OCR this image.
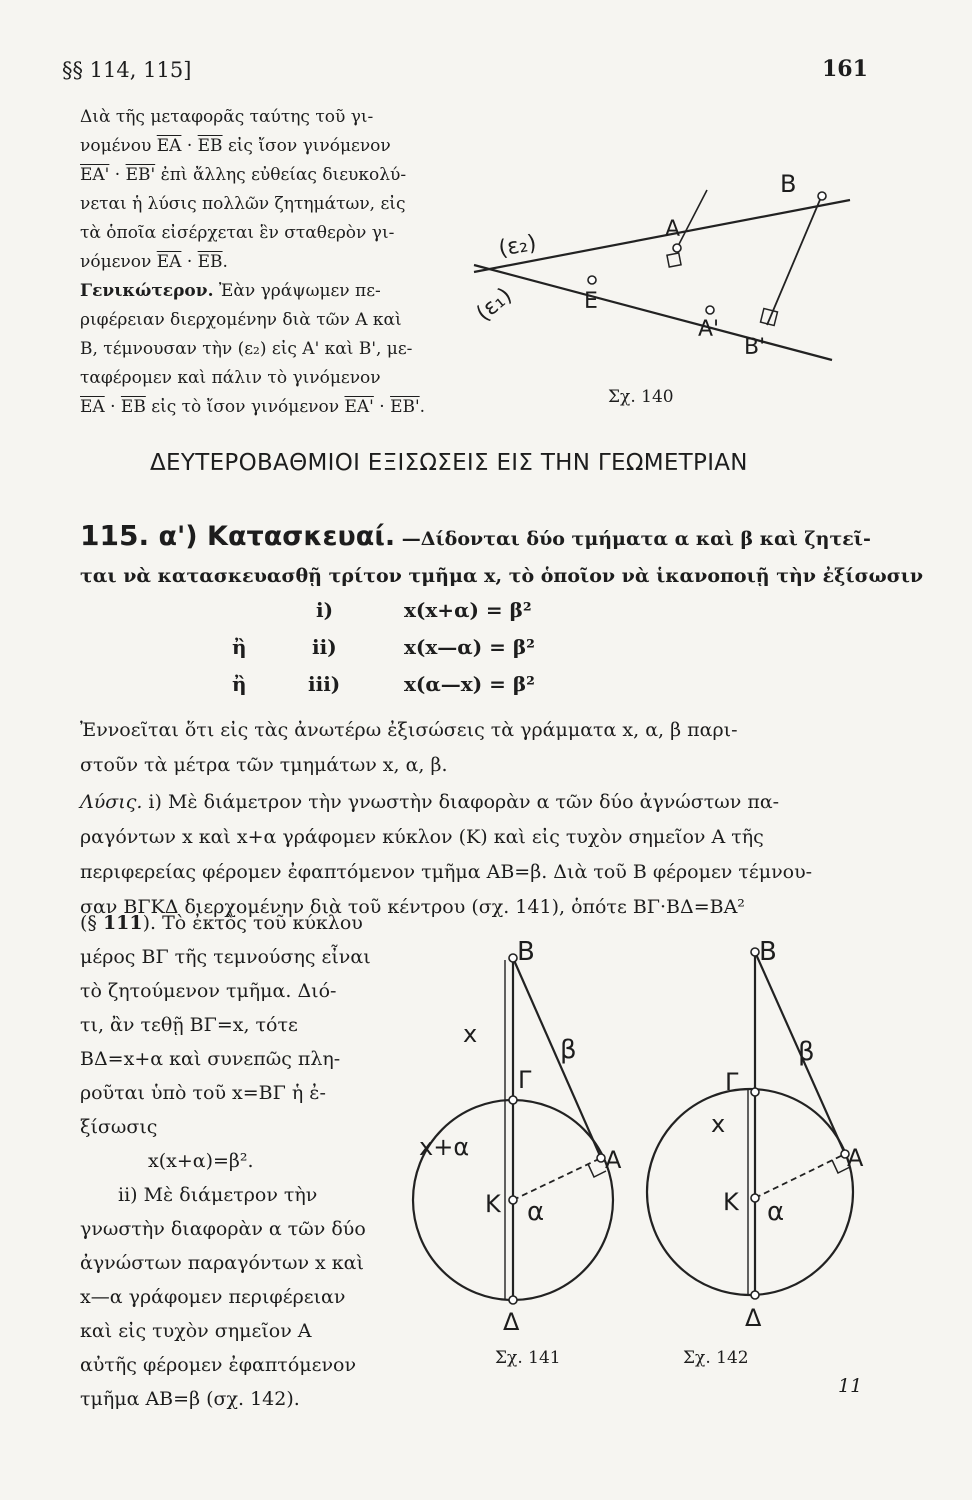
§§ 114, 115]	161
Διὰ τῆς μεταφορᾶς ταύτης τοῦ γι-
νομένου $\overline{EA} \cdot \overline{EB}$ εἰς ἴσον γινόμενον
ΕΑ' · ΕΒ' ἐπὶ ἄλλης εὐθείας διευκολύ-
νεται ἡ λύσις πολλῶν ζητημάτων, εἰς
τὰ ὁποῖα εἰσέρχεται ἓν σταθερὸν γι-
νόμενον $\overline{EA} \cdot \overline{EB}$.
Γενικώτερον. Ἐὰν γράψωμεν πε-
ριφέρειαν διερχομένην διὰ τῶν Α καὶ
Β, τέμνουσαν τὴν (ε₂) εἰς Α' καὶ Β', με-
ταφέρομεν καὶ πάλιν τὸ γινόμενον
$\overline{EA} \cdot \overline{EB}$ εἰς τὸ ἴσον γινόμενον ΕΑ' · ΕΒ'.
(ε₂)
(ε₁)	Ε
Α
Β
Α'
Β'
Σχ. 140
ΔΕΥΤΕΡΟΒΑΘΜΙΟΙ ΕΞΙΣΩΣΕΙΣ ΕΙΣ ΤΗΝ ΓΕΩΜΕΤΡΙΑΝ
115. α') Κατασκευαί. —Δίδονται δύο τμήματα α καὶ β καὶ ζητεῖ-
ται νὰ κατασκευασθῇ τρίτον τμῆμα x, τὸ ὁποῖον νὰ ἱκανοποιῇ τὴν ἐξίσωσιν
i)	x(x+α) = β²
ἢ	ii)	x(x—α) = β²
ἢ	iii)	x(α—x) = β²
Ἐννοεῖται ὅτι εἰς τὰς ἀνωτέρω ἐξισώσεις τὰ γράμματα x, α, β παρι-
στοῦν τὰ μέτρα τῶν τμημάτων x, α, β.
Λύσις. i) Μὲ διάμετρον τὴν γνωστὴν διαφορὰν α τῶν δύο ἀγνώστων πα-
ραγόντων x καὶ x+α γράφομεν κύκλον (Κ) καὶ εἰς τυχὸν σημεῖον Α τῆς
περιφερείας φέρομεν ἐφαπτόμενον τμῆμα ΑΒ=β. Διὰ τοῦ Β φέρομεν τέμνου-
σαν ΒΓΚΔ διερχομένην διὰ τοῦ κέντρου (σχ. 141), ὁπότε ΒΓ·ΒΔ=ΒΑ²
(§ 111). Τὸ ἐκτὸς τοῦ κύκλου
μέρος ΒΓ τῆς τεμνούσης εἶναι
τὸ ζητούμενον τμῆμα. Διό-
τι, ἂν τεθῇ ΒΓ=x, τότε
ΒΔ=x+α καὶ συνεπῶς πλη-
ροῦται ὑπὸ τοῦ x=ΒΓ ἡ ἐ-
ξίσωσις
x(x+α)=β².
ii) Μὲ διάμετρον τὴν
γνωστὴν διαφορὰν α τῶν δύο
ἀγνώστων παραγόντων x καὶ
x—α γράφομεν περιφέρειαν
καὶ εἰς τυχὸν σημεῖον Α
αὐτῆς φέρομεν ἐφαπτόμενον
τμῆμα ΑΒ=β (σχ. 142).
Β
x
β
Γ
x+α	Α
Κ α
Δ
Β
β
Γ
x
Α
Κ α
Δ
Σχ. 141	Σχ. 142
11
